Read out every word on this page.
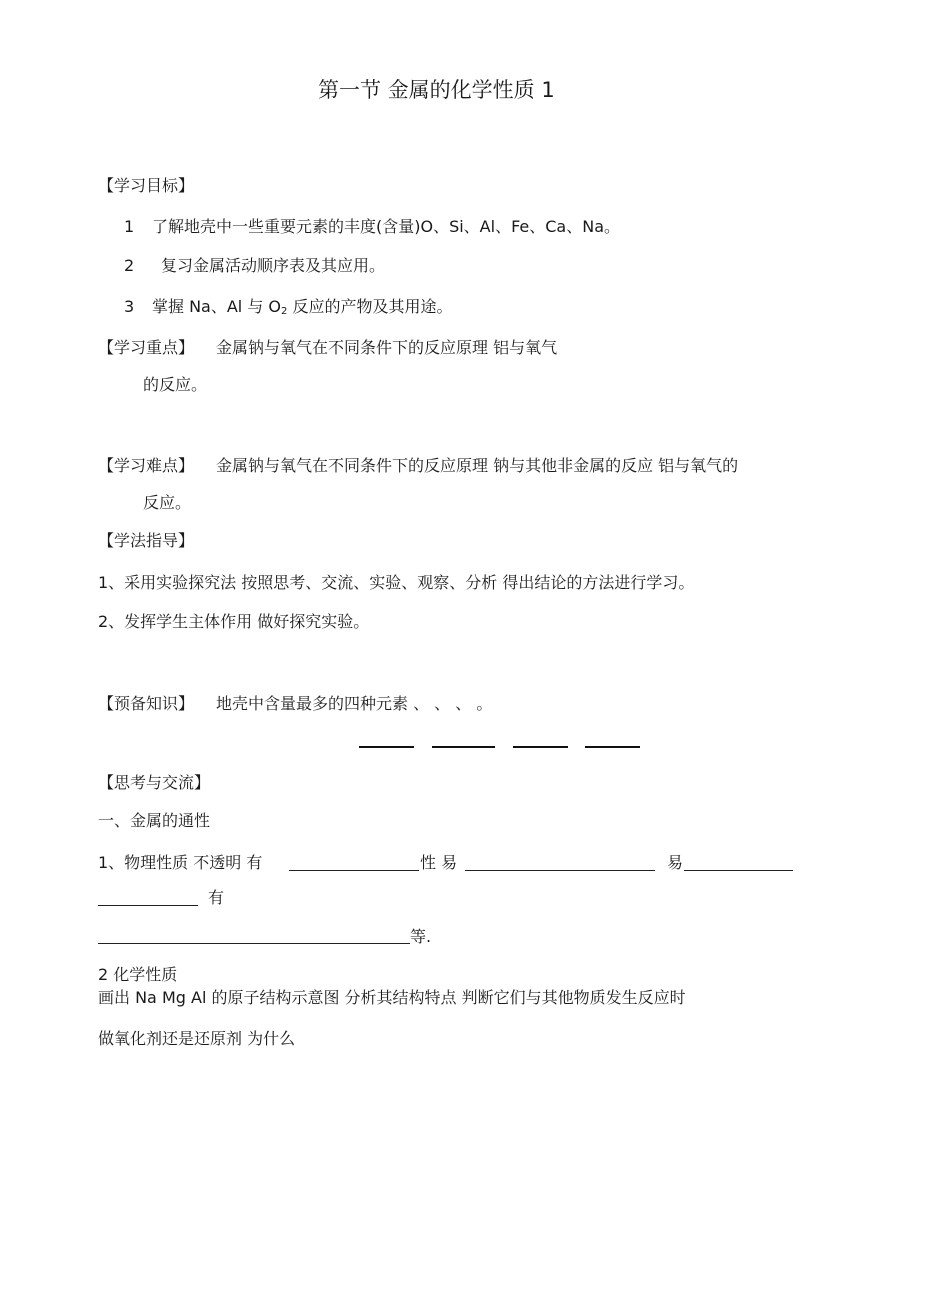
第一节 金属的化学性质 1
【学习目标】
1 了解地壳中一些重要元素的丰度(含量)O、Si、Al、Fe、Ca、Na。
2 复习金属活动顺序表及其应用。
3 掌握 Na、Al 与 $O_2$ 反应的产物及其用途。
【学习重点】 金属钠与氧气在不同条件下的反应原理 铝与氧气
的反应。
【学习难点】 金属钠与氧气在不同条件下的反应原理 钠与其他非金属的反应 铝与氧气的
反应。
【学法指导】
1、采用实验探究法 按照思考、交流、实验、观察、分析 得出结论的方法进行学习。
2、发挥学生主体作用 做好探究实验。
【预备知识】 地壳中含量最多的四种元素 、 、 、 。
【思考与交流】
一、金属的通性
1、物理性质 不透明 有	性 易	易
有
等.
2 化学性质
画出 Na Mg Al 的原子结构示意图 分析其结构特点 判断它们与其他物质发生反应时
做氧化剂还是还原剂 为什么
